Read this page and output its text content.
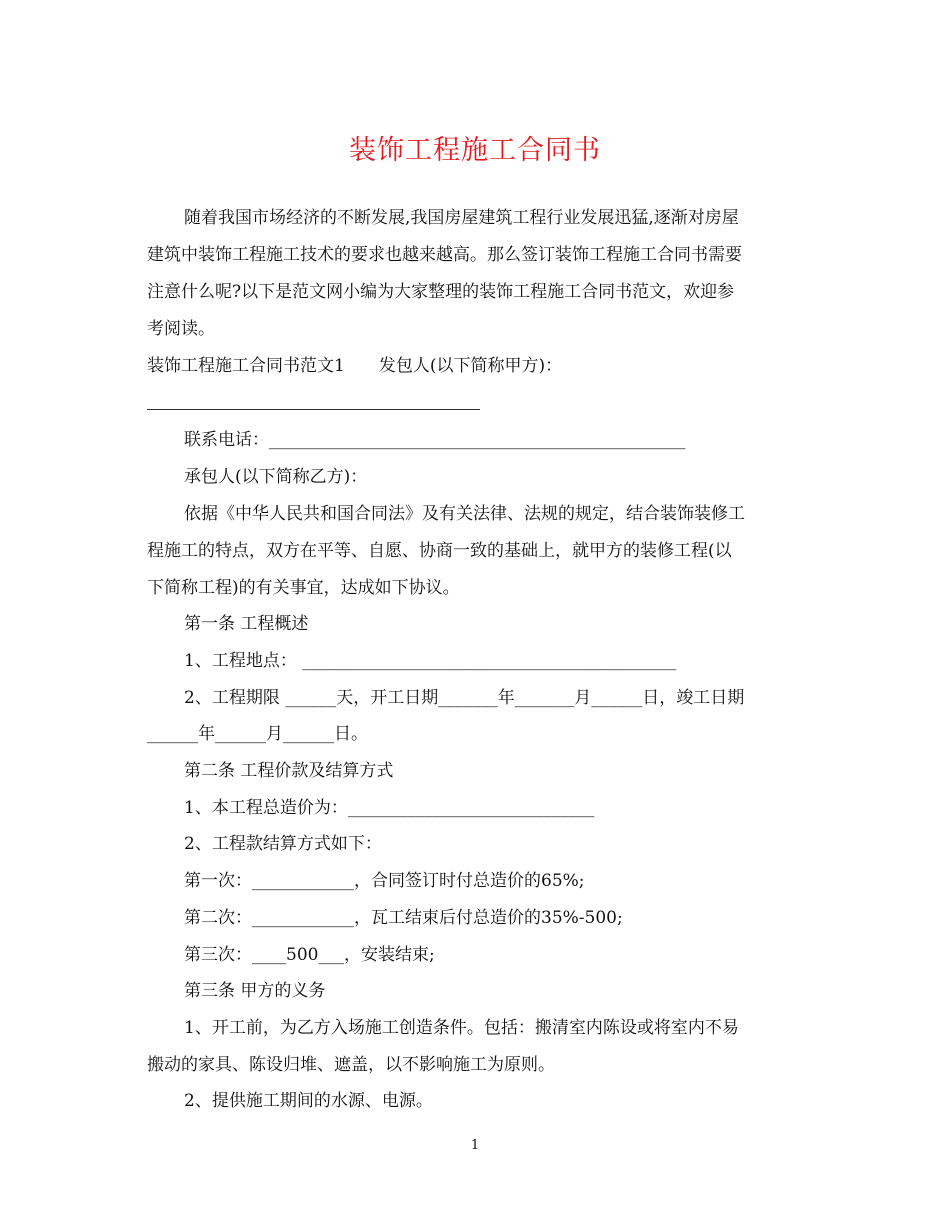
装饰工程施工合同书
随着我国市场经济的不断发展,我国房屋建筑工程行业发展迅猛,逐渐对房屋
建筑中装饰工程施工技术的要求也越来越高。那么签订装饰工程施工合同书需要
注意什么呢?以下是范文网小编为大家整理的装饰工程施工合同书范文，欢迎参
考阅读。
装饰工程施工合同书范文1　　发包人(以下简称甲方)：
联系电话：_________________________________________________
承包人(以下简称乙方)：
依据《中华人民共和国合同法》及有关法律、法规的规定，结合装饰装修工
程施工的特点，双方在平等、自愿、协商一致的基础上，就甲方的装修工程(以
下简称工程)的有关事宜，达成如下协议。
第一条 工程概述
1、工程地点： ____________________________________________
2、工程期限 ______天，开工日期_______年_______月______日，竣工日期
______年______月______日。
第二条 工程价款及结算方式
1、本工程总造价为：_____________________________
2、工程款结算方式如下：
第一次：____________，合同签订时付总造价的65%;
第二次：____________，瓦工结束后付总造价的35%-500;
第三次：____500___，安装结束;
第三条 甲方的义务
1、开工前，为乙方入场施工创造条件。包括：搬清室内陈设或将室内不易
搬动的家具、陈设归堆、遮盖，以不影响施工为原则。
2、提供施工期间的水源、电源。
1
